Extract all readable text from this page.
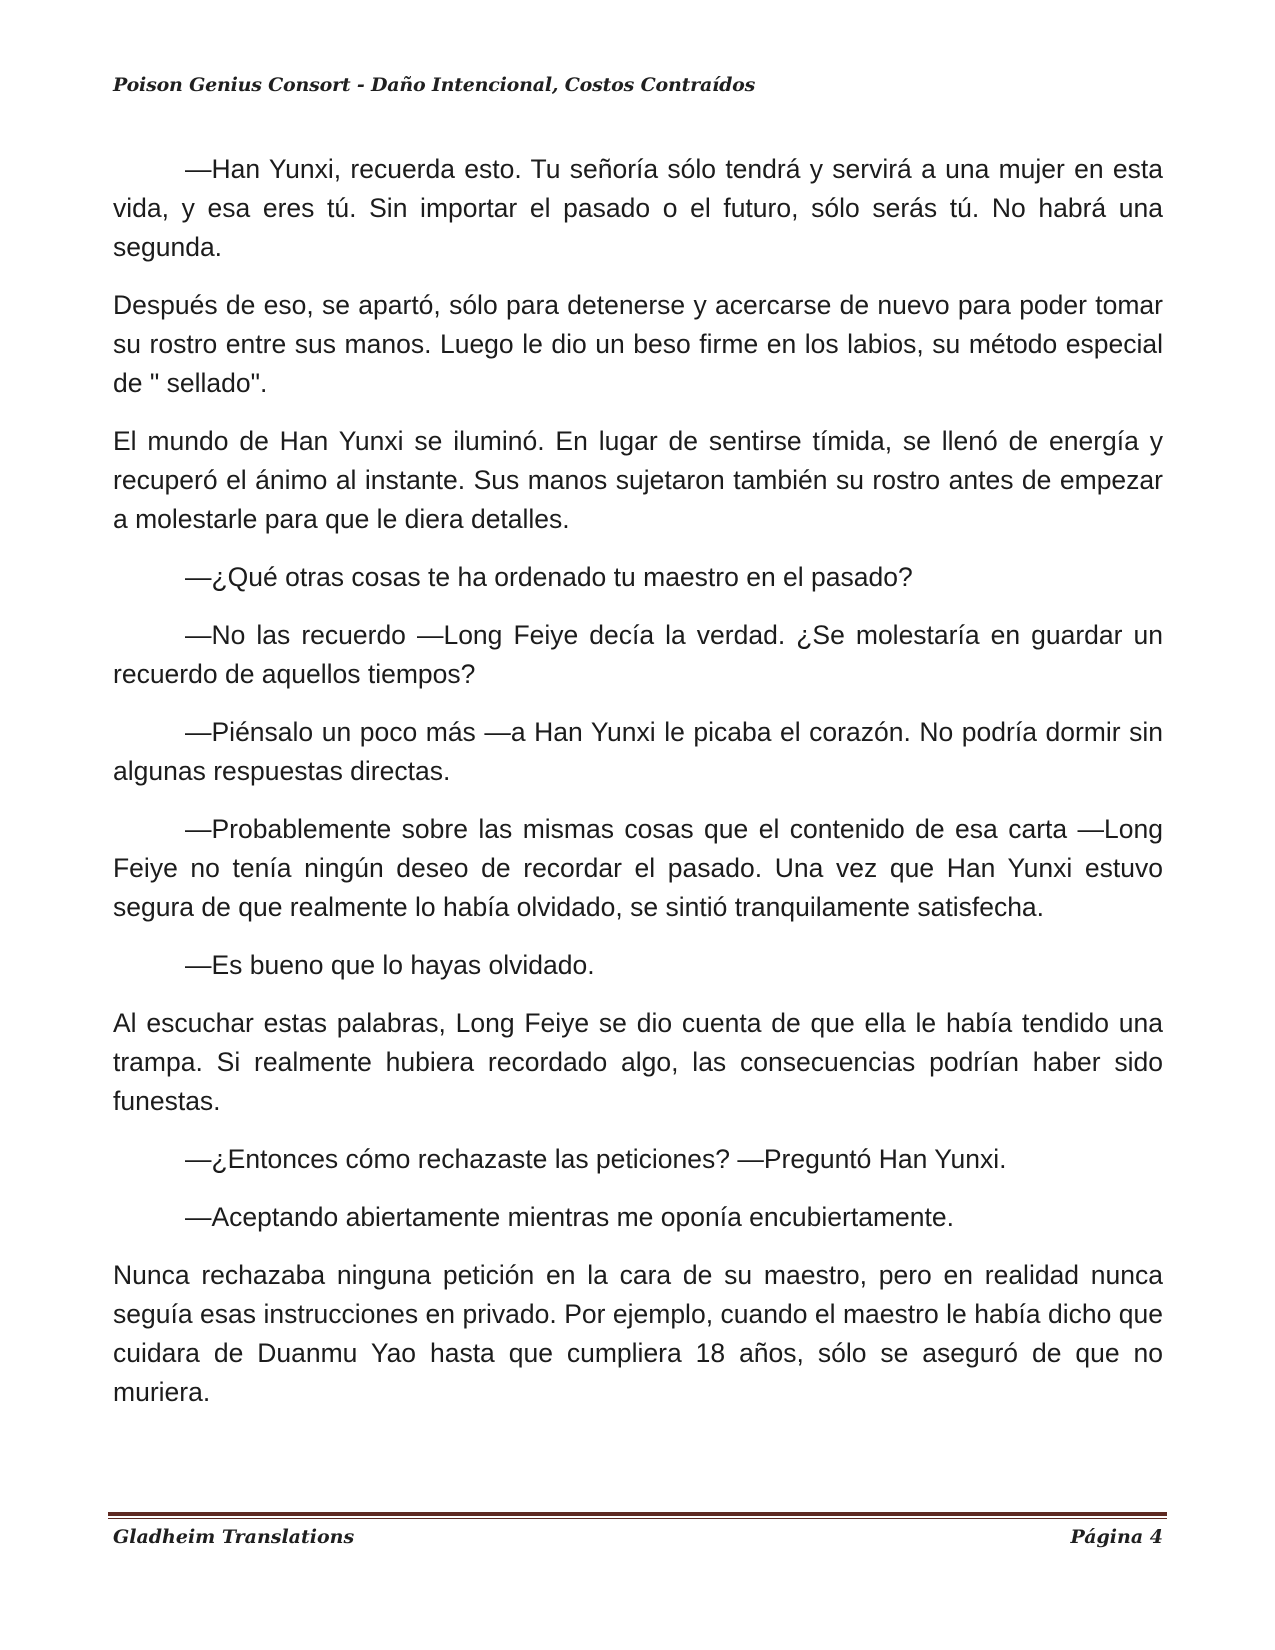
Poison Genius Consort - Daño Intencional, Costos Contraídos

—Han Yunxi, recuerda esto. Tu señoría sólo tendrá y servirá a una mujer en esta vida, y esa eres tú. Sin importar el pasado o el futuro, sólo serás tú. No habrá una segunda.

Después de eso, se apartó, sólo para detenerse y acercarse de nuevo para poder tomar su rostro entre sus manos. Luego le dio un beso firme en los labios, su método especial de " sellado".

El mundo de Han Yunxi se iluminó. En lugar de sentirse tímida, se llenó de energía y recuperó el ánimo al instante. Sus manos sujetaron también su rostro antes de empezar a molestarle para que le diera detalles.

—¿Qué otras cosas te ha ordenado tu maestro en el pasado?

—No las recuerdo —Long Feiye decía la verdad. ¿Se molestaría en guardar un recuerdo de aquellos tiempos?

—Piénsalo un poco más —a Han Yunxi le picaba el corazón. No podría dormir sin algunas respuestas directas.

—Probablemente sobre las mismas cosas que el contenido de esa carta —Long Feiye no tenía ningún deseo de recordar el pasado. Una vez que Han Yunxi estuvo segura de que realmente lo había olvidado, se sintió tranquilamente satisfecha.

—Es bueno que lo hayas olvidado.

Al escuchar estas palabras, Long Feiye se dio cuenta de que ella le había tendido una trampa. Si realmente hubiera recordado algo, las consecuencias podrían haber sido funestas.

—¿Entonces cómo rechazaste las peticiones? —Preguntó Han Yunxi.

—Aceptando abiertamente mientras me oponía encubiertamente.

Nunca rechazaba ninguna petición en la cara de su maestro, pero en realidad nunca seguía esas instrucciones en privado. Por ejemplo, cuando el maestro le había dicho que cuidara de Duanmu Yao hasta que cumpliera 18 años, sólo se aseguró de que no muriera.

Gladheim Translations	Página 4
